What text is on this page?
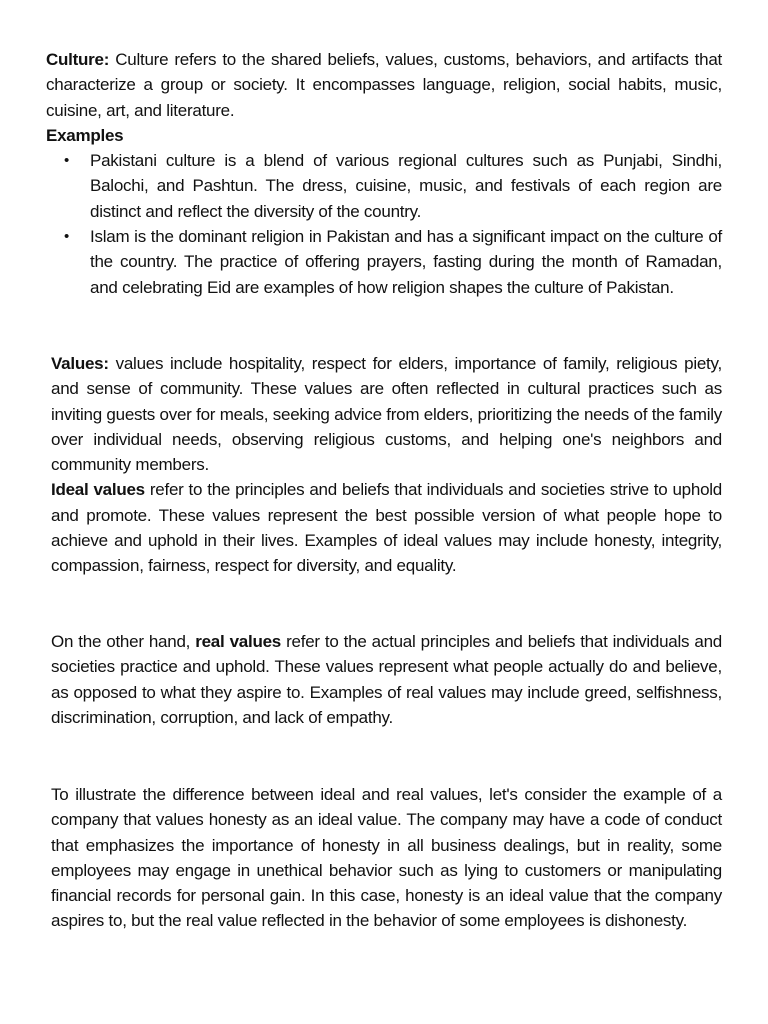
Culture: Culture refers to the shared beliefs, values, customs, behaviors, and artifacts that characterize a group or society. It encompasses language, religion, social habits, music, cuisine, art, and literature.
Examples
• Pakistani culture is a blend of various regional cultures such as Punjabi, Sindhi, Balochi, and Pashtun. The dress, cuisine, music, and festivals of each region are distinct and reflect the diversity of the country.
• Islam is the dominant religion in Pakistan and has a significant impact on the culture of the country. The practice of offering prayers, fasting during the month of Ramadan, and celebrating Eid are examples of how religion shapes the culture of Pakistan.
Values: values include hospitality, respect for elders, importance of family, religious piety, and sense of community. These values are often reflected in cultural practices such as inviting guests over for meals, seeking advice from elders, prioritizing the needs of the family over individual needs, observing religious customs, and helping one's neighbors and community members.
Ideal values refer to the principles and beliefs that individuals and societies strive to uphold and promote. These values represent the best possible version of what people hope to achieve and uphold in their lives. Examples of ideal values may include honesty, integrity, compassion, fairness, respect for diversity, and equality.
On the other hand, real values refer to the actual principles and beliefs that individuals and societies practice and uphold. These values represent what people actually do and believe, as opposed to what they aspire to. Examples of real values may include greed, selfishness, discrimination, corruption, and lack of empathy.
To illustrate the difference between ideal and real values, let's consider the example of a company that values honesty as an ideal value. The company may have a code of conduct that emphasizes the importance of honesty in all business dealings, but in reality, some employees may engage in unethical behavior such as lying to customers or manipulating financial records for personal gain. In this case, honesty is an ideal value that the company aspires to, but the real value reflected in the behavior of some employees is dishonesty.
